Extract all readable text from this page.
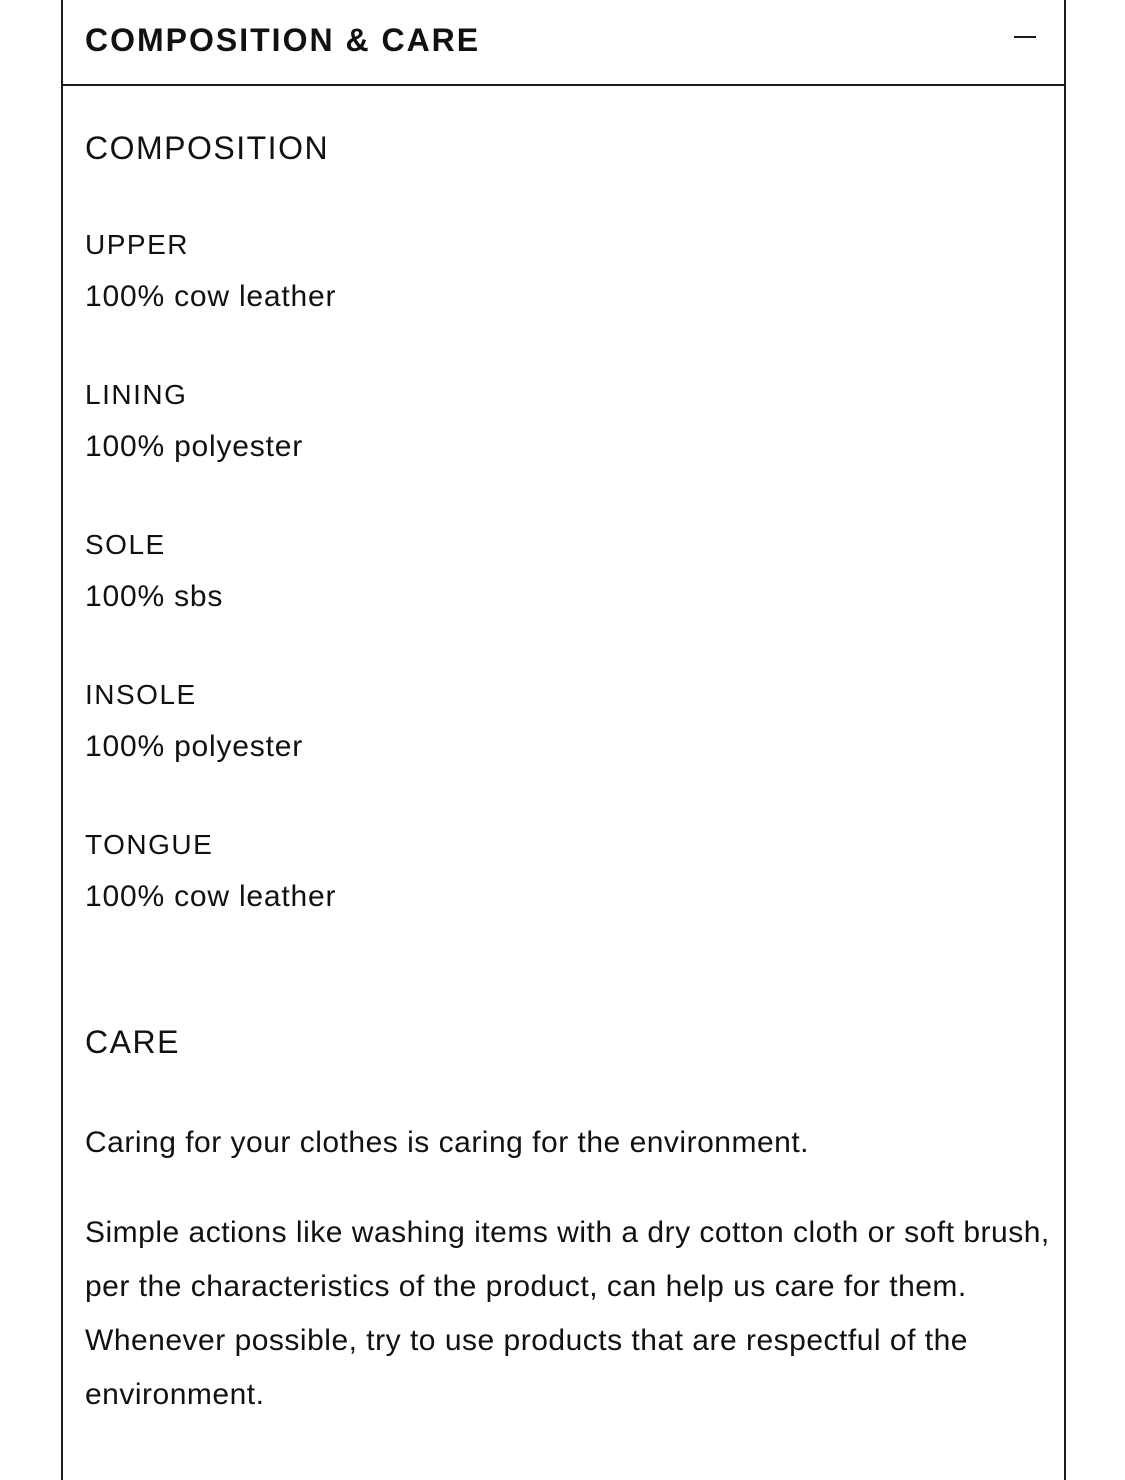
COMPOSITION & CARE
COMPOSITION
UPPER
100% cow leather
LINING
100% polyester
SOLE
100% sbs
INSOLE
100% polyester
TONGUE
100% cow leather
CARE

Caring for your clothes is caring for the environment.

Simple actions like washing items with a dry cotton cloth or soft brush, per the characteristics of the product, can help us care for them. Whenever possible, try to use products that are respectful of the environment.
